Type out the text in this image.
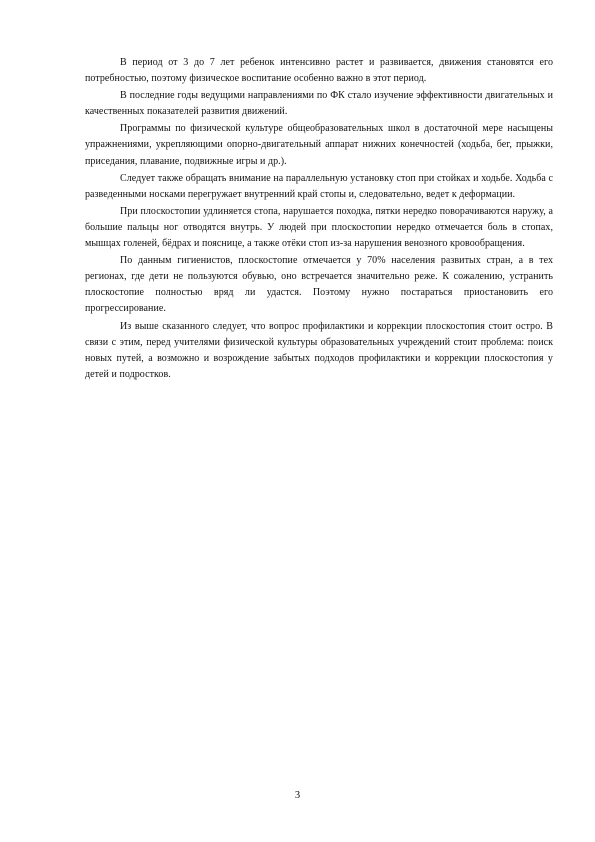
В период от 3 до 7 лет ребенок интенсивно растет и развивается, движения становятся его потребностью, поэтому физическое воспитание особенно важно в этот период.

В последние годы ведущими направлениями по ФК стало изучение эффективности двигательных и качественных показателей развития движений.

Программы по физической культуре общеобразовательных школ в достаточной мере насыщены упражнениями, укрепляющими опорно-двигательный аппарат нижних конечностей (ходьба, бег, прыжки, приседания, плавание, подвижные игры и др.).

Следует также обращать внимание на параллельную установку стоп при стойках и ходьбе. Ходьба с разведенными носками перегружает внутренний край стопы и, следовательно, ведет к деформации.

При плоскостопии удлиняется стопа, нарушается походка, пятки нередко поворачиваются наружу, а большие пальцы ног отводятся внутрь. У людей при плоскостопии нередко отмечается боль в стопах, мышцах голеней, бёдрах и пояснице, а также отёки стоп из-за нарушения венозного кровообращения.

По данным гигиенистов, плоскостопие отмечается у 70% населения развитых стран, а в тех регионах, где дети не пользуются обувью, оно встречается значительно реже. К сожалению, устранить плоскостопие полностью вряд ли удастся. Поэтому нужно постараться приостановить его прогрессирование.

Из выше сказанного следует, что вопрос профилактики и коррекции плоскостопия стоит остро. В связи с этим, перед учителями физической культуры образовательных учреждений стоит проблема: поиск новых путей, а возможно и возрождение забытых подходов профилактики и коррекции плоскостопия у детей и подростков.

3
